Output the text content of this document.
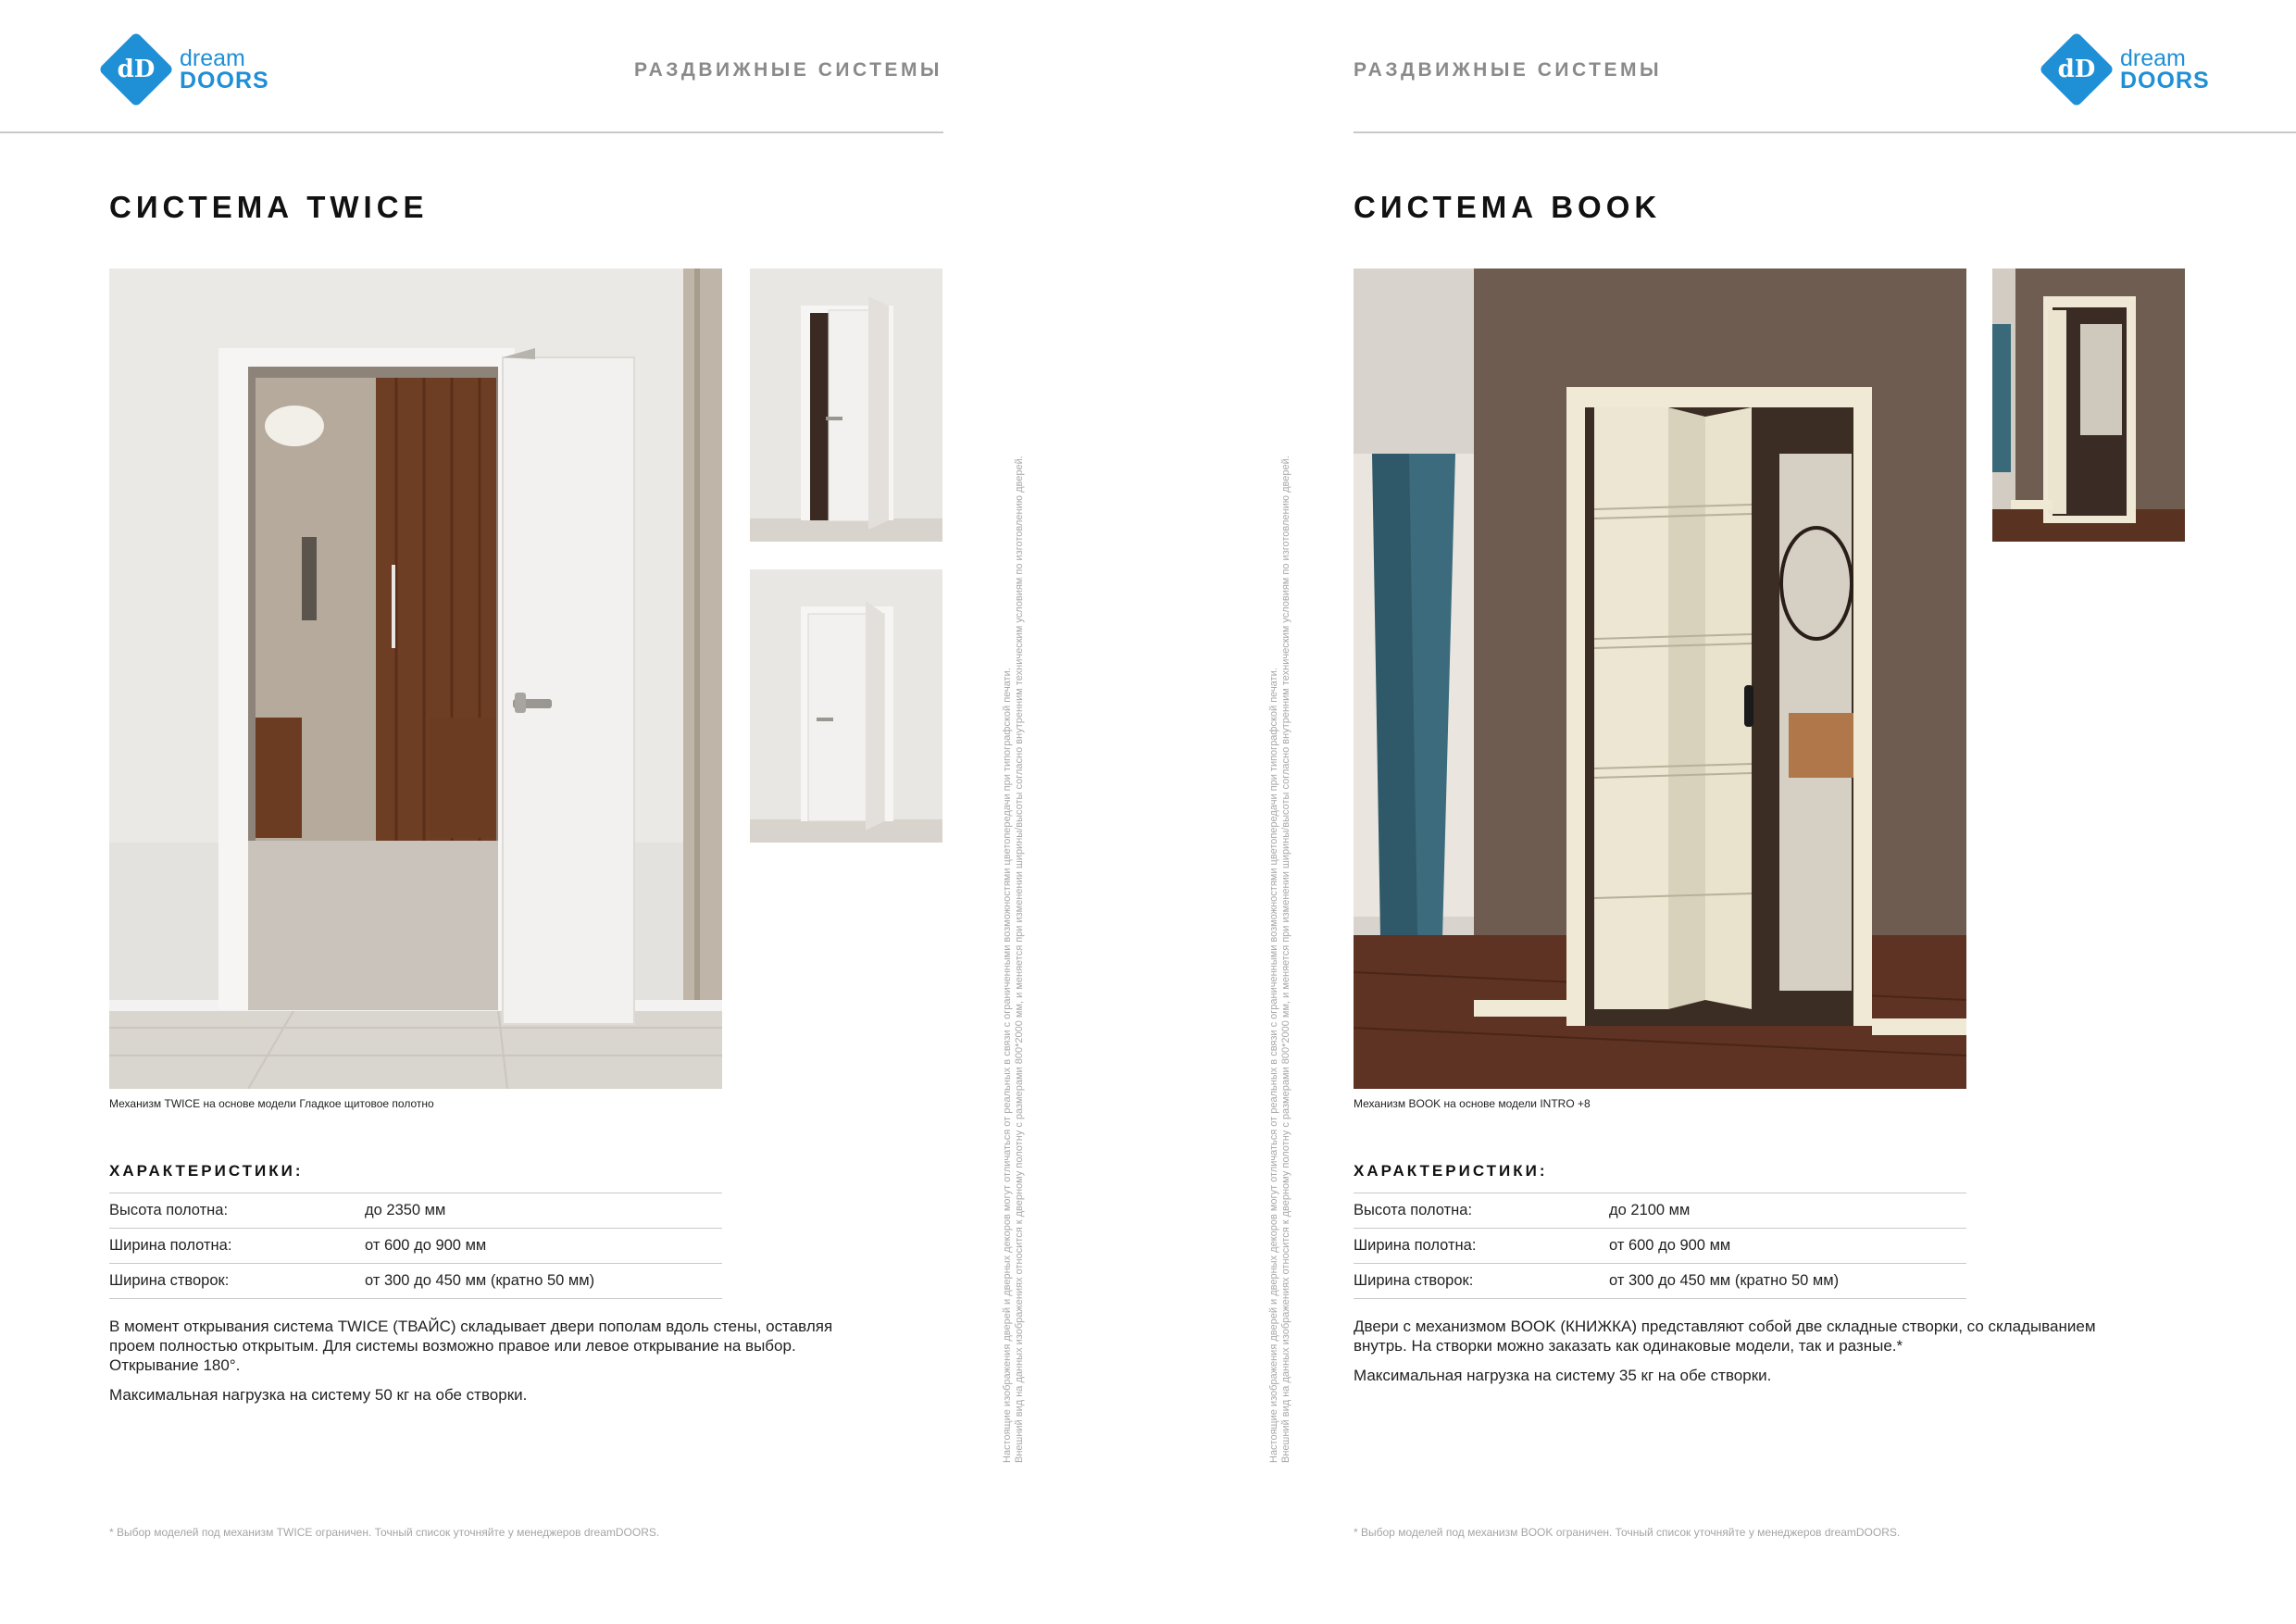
dD	dream
DOORS	РАЗДВИЖНЫЕ СИСТЕМЫ
СИСТЕМА TWICE
Механизм TWICE на основе модели Гладкое щитовое полотно
ХАРАКТЕРИСТИКИ:
Высота полотна:	до 2350 мм
Ширина полотна:	от 600 до 900 мм
Ширина створок:	от 300 до 450 мм (кратно 50 мм)

В момент открывания система TWICE (ТВАЙС) складывает двери пополам вдоль стены, оставляя проем полностью открытым. Для системы возможно правое или левое открывание на выбор. Открывание 180°.

Максимальная нагрузка на систему 50 кг на обе створки.

* Выбор моделей под механизм TWICE ограничен. Точный список уточняйте у менеджеров dreamDOORS.
Настоящие изображения дверей и дверных декоров могут отличаться от реальных в связи с ограниченными возможностями цветопередачи при типографской печати. Внешний вид на данных изображениях относится к дверному полотну с размерами 800*2000 мм, и меняется при изменении ширины/высоты согласно внутренним техническим условиям по изготовлению дверей.
РАЗДВИЖНЫЕ СИСТЕМЫ	dD	dream
DOORS
СИСТЕМА BOOK
Механизм BOOK на основе модели INTRO +8
ХАРАКТЕРИСТИКИ:
Высота полотна:	до 2100 мм
Ширина полотна:	от 600 до 900 мм
Ширина створок:	от 300 до 450 мм (кратно 50 мм)

Двери с механизмом BOOK (КНИЖКА) представляют собой две складные створки, со складыванием внутрь. На створки можно заказать как одинаковые модели, так и разные.*

Максимальная нагрузка на систему 35 кг на обе створки.

* Выбор моделей под механизм BOOK ограничен. Точный список уточняйте у менеджеров dreamDOORS.
Настоящие изображения дверей и дверных декоров могут отличаться от реальных в связи с ограниченными возможностями цветопередачи при типографской печати. Внешний вид на данных изображениях относится к дверному полотну с размерами 800*2000 мм, и меняется при изменении ширины/высоты согласно внутренним техническим условиям по изготовлению дверей.
